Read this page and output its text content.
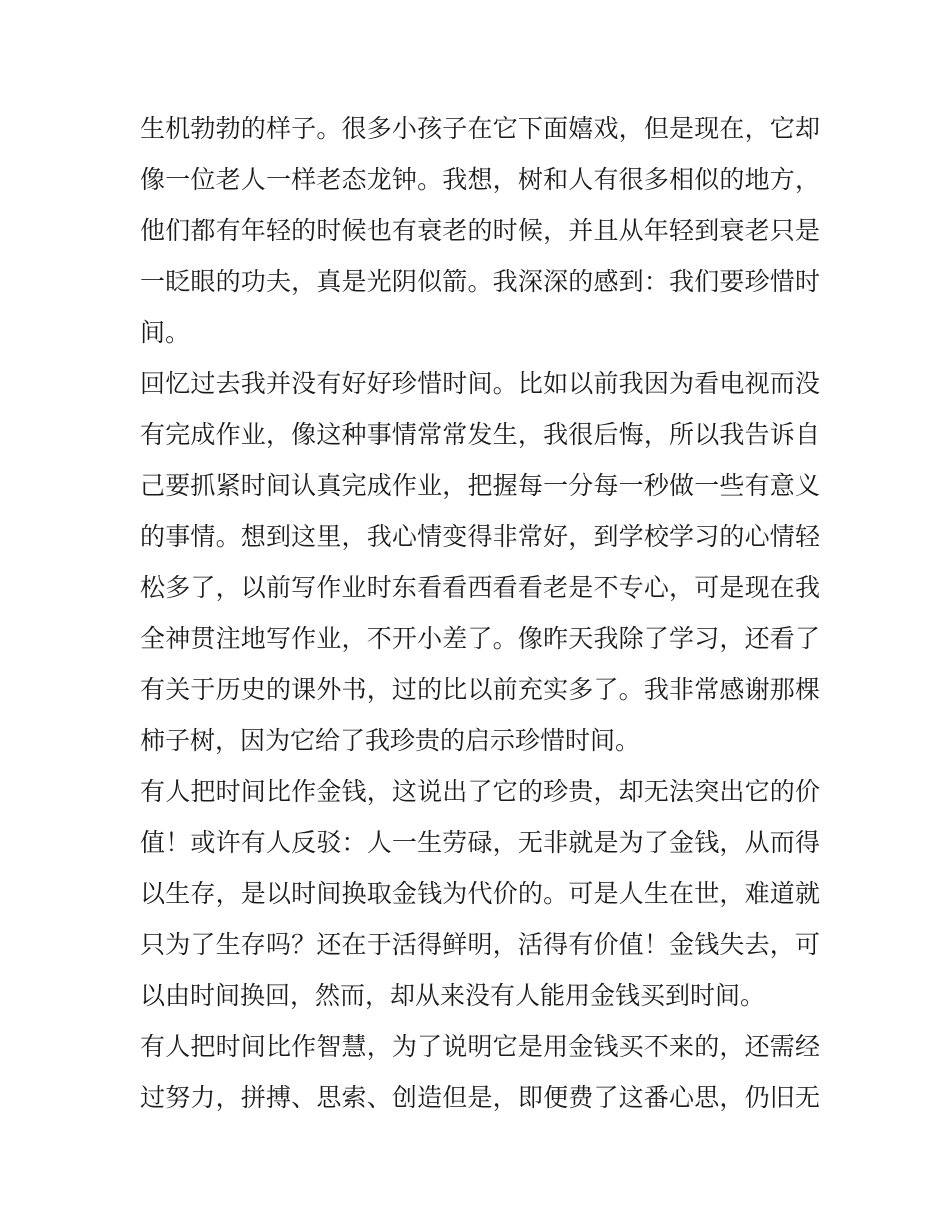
生机勃勃的样子。很多小孩子在它下面嬉戏，但是现在，它却
像一位老人一样老态龙钟。我想，树和人有很多相似的地方，
他们都有年轻的时候也有衰老的时候，并且从年轻到衰老只是
一眨眼的功夫，真是光阴似箭。我深深的感到：我们要珍惜时
间。
回忆过去我并没有好好珍惜时间。比如以前我因为看电视而没
有完成作业，像这种事情常常发生，我很后悔，所以我告诉自
己要抓紧时间认真完成作业，把握每一分每一秒做一些有意义
的事情。想到这里，我心情变得非常好，到学校学习的心情轻
松多了，以前写作业时东看看西看看老是不专心，可是现在我
全神贯注地写作业，不开小差了。像昨天我除了学习，还看了
有关于历史的课外书，过的比以前充实多了。我非常感谢那棵
柿子树，因为它给了我珍贵的启示珍惜时间。
有人把时间比作金钱，这说出了它的珍贵，却无法突出它的价
值！或许有人反驳：人一生劳碌，无非就是为了金钱，从而得
以生存，是以时间换取金钱为代价的。可是人生在世，难道就
只为了生存吗？还在于活得鲜明，活得有价值！金钱失去，可
以由时间换回，然而，却从来没有人能用金钱买到时间。
有人把时间比作智慧，为了说明它是用金钱买不来的，还需经
过努力，拼搏、思索、创造但是，即便费了这番心思，仍旧无
